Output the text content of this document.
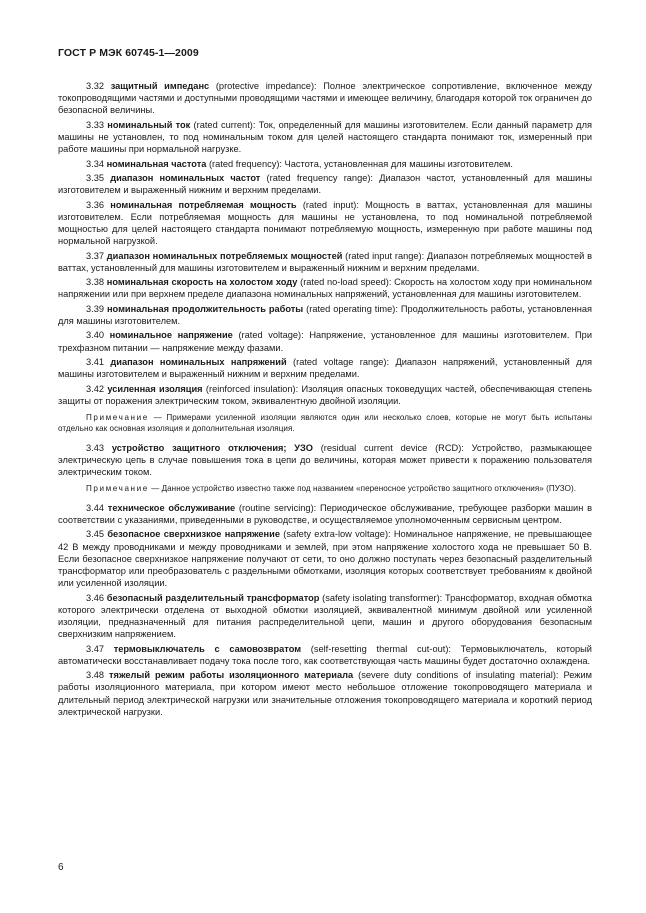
ГОСТ Р МЭК 60745-1—2009

3.32 защитный импеданс (protective impedance): Полное электрическое сопротивление, включенное между токопроводящими частями и доступными проводящими частями и имеющее величину, благодаря которой ток ограничен до безопасной величины.

3.33 номинальный ток (rated current): Ток, определенный для машины изготовителем. Если данный параметр для машины не установлен, то под номинальным током для целей настоящего стандарта понимают ток, измеренный при работе машины при нормальной нагрузке.

3.34 номинальная частота (rated frequency): Частота, установленная для машины изготовителем.

3.35 диапазон номинальных частот (rated frequency range): Диапазон частот, установленный для машины изготовителем и выраженный нижним и верхним пределами.

3.36 номинальная потребляемая мощность (rated input): Мощность в ваттах, установленная для машины изготовителем. Если потребляемая мощность для машины не установлена, то под номинальной потребляемой мощностью для целей настоящего стандарта понимают потребляемую мощность, измеренную при работе машины под нормальной нагрузкой.

3.37 диапазон номинальных потребляемых мощностей (rated input range): Диапазон потребляемых мощностей в ваттах, установленный для машины изготовителем и выраженный нижним и верхним пределами.

3.38 номинальная скорость на холостом ходу (rated no-load speed): Скорость на холостом ходу при номинальном напряжении или при верхнем пределе диапазона номинальных напряжений, установленная для машины изготовителем.

3.39 номинальная продолжительность работы (rated operating time): Продолжительность работы, установленная для машины изготовителем.

3.40 номинальное напряжение (rated voltage): Напряжение, установленное для машины изготовителем. При трехфазном питании — напряжение между фазами.

3.41 диапазон номинальных напряжений (rated voltage range): Диапазон напряжений, установленный для машины изготовителем и выраженный нижним и верхним пределами.

3.42 усиленная изоляция (reinforced insulation): Изоляция опасных токоведущих частей, обеспечивающая степень защиты от поражения электрическим током, эквивалентную двойной изоляции.

Примечание — Примерами усиленной изоляции являются один или несколько слоев, которые не могут быть испытаны отдельно как основная изоляция и дополнительная изоляция.

3.43 устройство защитного отключения; УЗО (residual current device (RCD): Устройство, размыкающее электрическую цепь в случае повышения тока в цепи до величины, которая может привести к поражению пользователя электрическим током.

Примечание — Данное устройство известно также под названием «переносное устройство защитного отключения» (ПУЗО).

3.44 техническое обслуживание (routine servicing): Периодическое обслуживание, требующее разборки машин в соответствии с указаниями, приведенными в руководстве, и осуществляемое уполномоченным сервисным центром.

3.45 безопасное сверхнизкое напряжение (safety extra-low voltage): Номинальное напряжение, не превышающее 42 В между проводниками и между проводниками и землей, при этом напряжение холостого хода не превышает 50 В. Если безопасное сверхнизкое напряжение получают от сети, то оно должно поступать через безопасный разделительный трансформатор или преобразователь с раздельными обмотками, изоляция которых соответствует требованиям к двойной или усиленной изоляции.

3.46 безопасный разделительный трансформатор (safety isolating transformer): Трансформатор, входная обмотка которого электрически отделена от выходной обмотки изоляцией, эквивалентной минимум двойной или усиленной изоляции, предназначенный для питания распределительной цепи, машин и другого оборудования безопасным сверхнизким напряжением.

3.47 термовыключатель с самовозвратом (self-resetting thermal cut-out): Термовыключатель, который автоматически восстанавливает подачу тока после того, как соответствующая часть машины будет достаточно охлаждена.

3.48 тяжелый режим работы изоляционного материала (severe duty conditions of insulating material): Режим работы изоляционного материала, при котором имеют место небольшое отложение токопроводящего материала и длительный период электрической нагрузки или значительные отложения токопроводящего материала и короткий период электрической нагрузки.

6
